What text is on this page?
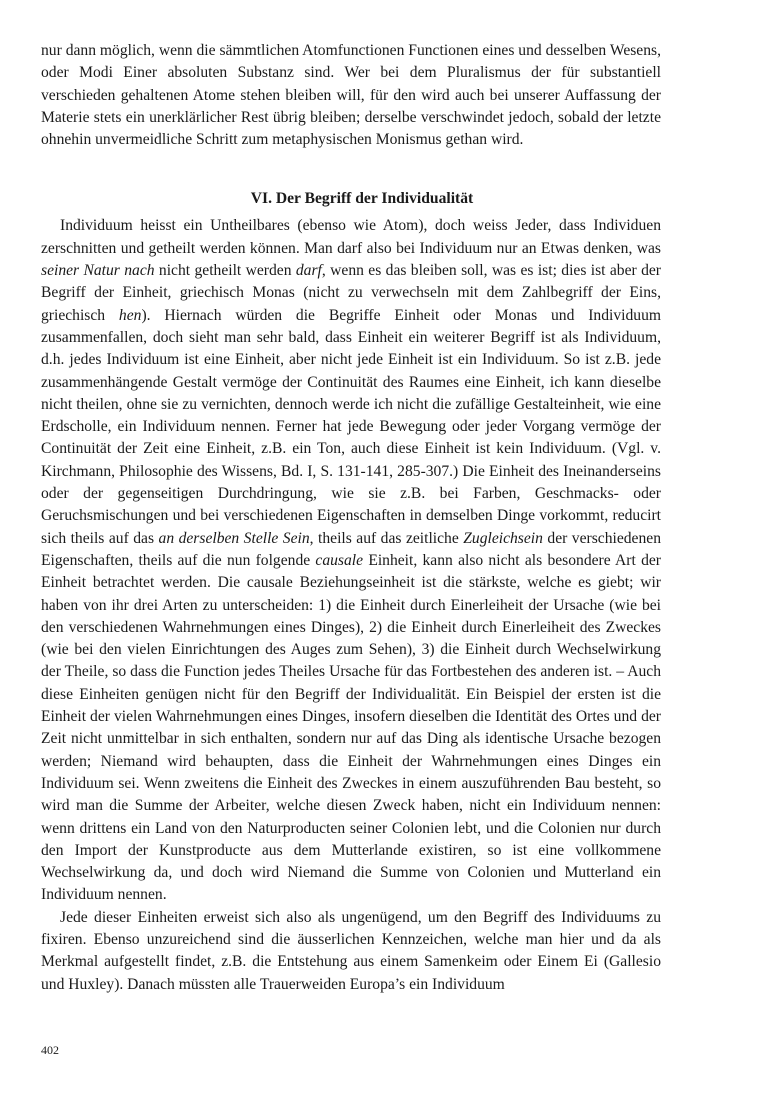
nur dann möglich, wenn die sämmtlichen Atomfunctionen Functionen eines und desselben Wesens, oder Modi Einer absoluten Substanz sind. Wer bei dem Pluralismus der für substantiell verschieden gehaltenen Atome stehen bleiben will, für den wird auch bei unserer Auffassung der Materie stets ein unerklärlicher Rest übrig bleiben; derselbe verschwindet jedoch, sobald der letzte ohnehin unvermeidliche Schritt zum metaphysischen Monismus gethan wird.

VI. Der Begriff der Individualität

Individuum heisst ein Untheilbares (ebenso wie Atom), doch weiss Jeder, dass Individuen zerschnitten und getheilt werden können. Man darf also bei Individuum nur an Etwas denken, was seiner Natur nach nicht getheilt werden darf, wenn es das bleiben soll, was es ist; dies ist aber der Begriff der Einheit, griechisch Monas (nicht zu verwechseln mit dem Zahlbegriff der Eins, griechisch hen). Hiernach würden die Begriffe Einheit oder Monas und Individuum zusammenfallen, doch sieht man sehr bald, dass Einheit ein weiterer Begriff ist als Individuum, d.h. jedes Individuum ist eine Einheit, aber nicht jede Einheit ist ein Individuum. So ist z.B. jede zusammenhängende Gestalt vermöge der Continuität des Raumes eine Einheit, ich kann dieselbe nicht theilen, ohne sie zu vernichten, dennoch werde ich nicht die zufällige Gestalteinheit, wie eine Erdscholle, ein Individuum nennen. Ferner hat jede Bewegung oder jeder Vorgang vermöge der Continuität der Zeit eine Einheit, z.B. ein Ton, auch diese Einheit ist kein Individuum. (Vgl. v. Kirchmann, Philosophie des Wissens, Bd. I, S. 131-141, 285-307.) Die Einheit des Ineinanderseins oder der gegenseitigen Durchdringung, wie sie z.B. bei Farben, Geschmacks- oder Geruchsmischungen und bei verschiedenen Eigenschaften in demselben Dinge vorkommt, reducirt sich theils auf das an derselben Stelle Sein, theils auf das zeitliche Zugleichsein der verschiedenen Eigenschaften, theils auf die nun folgende causale Einheit, kann also nicht als besondere Art der Einheit betrachtet werden. Die causale Beziehungseinheit ist die stärkste, welche es giebt; wir haben von ihr drei Arten zu unterscheiden: 1) die Einheit durch Einerleiheit der Ursache (wie bei den verschiedenen Wahrnehmungen eines Dinges), 2) die Einheit durch Einerleiheit des Zweckes (wie bei den vielen Einrichtungen des Auges zum Sehen), 3) die Einheit durch Wechselwirkung der Theile, so dass die Function jedes Theiles Ursache für das Fortbestehen des anderen ist. – Auch diese Einheiten genügen nicht für den Begriff der Individualität. Ein Beispiel der ersten ist die Einheit der vielen Wahrnehmungen eines Dinges, insofern dieselben die Identität des Ortes und der Zeit nicht unmittelbar in sich enthalten, sondern nur auf das Ding als identische Ursache bezogen werden; Niemand wird behaupten, dass die Einheit der Wahrnehmungen eines Dinges ein Individuum sei. Wenn zweitens die Einheit des Zweckes in einem auszuführenden Bau besteht, so wird man die Summe der Arbeiter, welche diesen Zweck haben, nicht ein Individuum nennen: wenn drittens ein Land von den Naturproducten seiner Colonien lebt, und die Colonien nur durch den Import der Kunstproducte aus dem Mutterlande existiren, so ist eine vollkommene Wechselwirkung da, und doch wird Niemand die Summe von Colonien und Mutterland ein Individuum nennen.

Jede dieser Einheiten erweist sich also als ungenügend, um den Begriff des Individuums zu fixiren. Ebenso unzureichend sind die äusserlichen Kennzeichen, welche man hier und da als Merkmal aufgestellt findet, z.B. die Entstehung aus einem Samenkeim oder Einem Ei (Gallesio und Huxley). Danach müssten alle Trauerweiden Europa’s ein Individuum

402
